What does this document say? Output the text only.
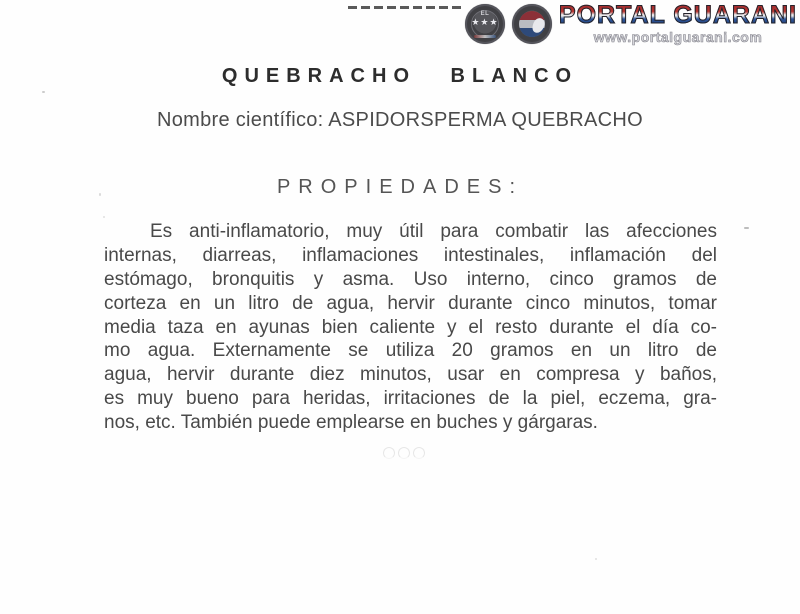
EL
★★★ PORTAL GUARANI
www.portalguarani.com
QUEBRACHO BLANCO
Nombre científico: ASPIDORSPERMA QUEBRACHO
PROPIEDADES:
Es anti-inflamatorio, muy útil para combatir las afecciones
internas, diarreas, inflamaciones intestinales, inflamación del
estómago, bronquitis y asma. Uso interno, cinco gramos de
corteza en un litro de agua, hervir durante cinco minutos, tomar
media taza en ayunas bien caliente y el resto durante el día co-
mo agua. Externamente se utiliza 20 gramos en un litro de
agua, hervir durante diez minutos, usar en compresa y baños,
es muy bueno para heridas, irritaciones de la piel, eczema, gra-
nos, etc. También puede emplearse en buches y gárgaras.
